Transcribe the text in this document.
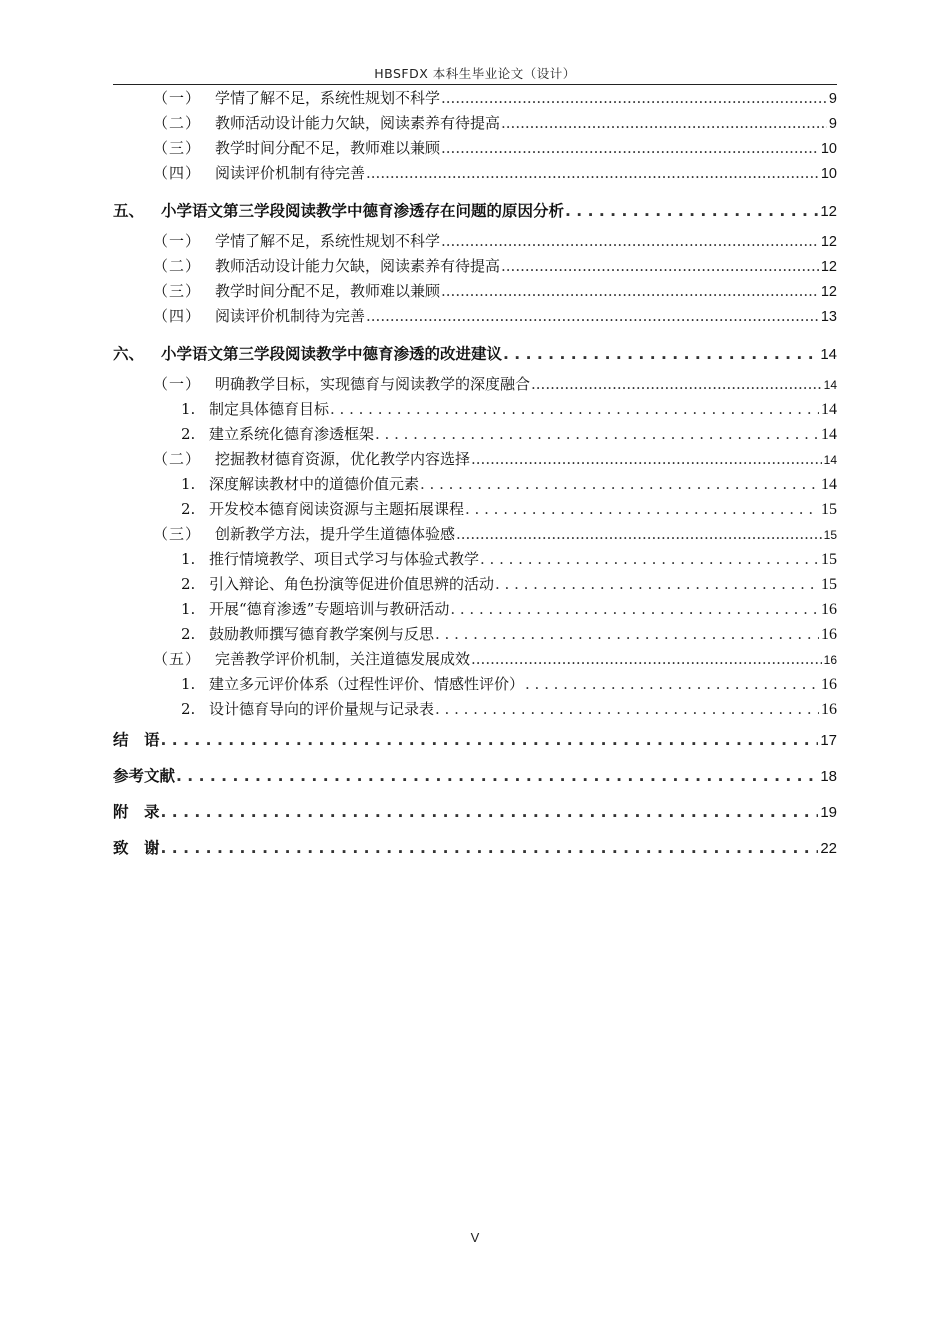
HBSFDX 本科生毕业论文（设计）
（一） 学情了解不足，系统性规划不科学 .....	9
（二） 教师活动设计能力欠缺，阅读素养有待提高 .....	9
（三） 教学时间分配不足，教师难以兼顾 .....	10
（四） 阅读评价机制有待完善 .....	10
五、	小学语文第三学段阅读教学中德育渗透存在问题的原因分析 . . .	12
（一） 学情了解不足，系统性规划不科学 .....	12
（二） 教师活动设计能力欠缺，阅读素养有待提高 .....	12
（三） 教学时间分配不足，教师难以兼顾 .....	12
（四） 阅读评价机制待为完善 .....	13
六、	小学语文第三学段阅读教学中德育渗透的改进建议 . . .	14
（一） 明确教学目标，实现德育与阅读教学的深度融合 .....	14
1. 制定具体德育目标 . . .	14
2. 建立系统化德育渗透框架 . . .	14
（二） 挖掘教材德育资源，优化教学内容选择 .....	14
1. 深度解读教材中的道德价值元素 . . .	14
2. 开发校本德育阅读资源与主题拓展课程 . . .	15
（三） 创新教学方法，提升学生道德体验感 .....	15
1. 推行情境教学、项目式学习与体验式教学 . . .	15
2. 引入辩论、角色扮演等促进价值思辨的活动 . . .	15
1. 开展“德育渗透”专题培训与教研活动 . . .	16
2. 鼓励教师撰写德育教学案例与反思 . . .	16
（五） 完善教学评价机制，关注道德发展成效 .....	16
1. 建立多元评价体系（过程性评价、情感性评价） . . .	16
2. 设计德育导向的评价量规与记录表 . . .	16
结　语 . . .	17
参考文献 . . .	18
附　录 . . .	19
致　谢 . . .	22
V
